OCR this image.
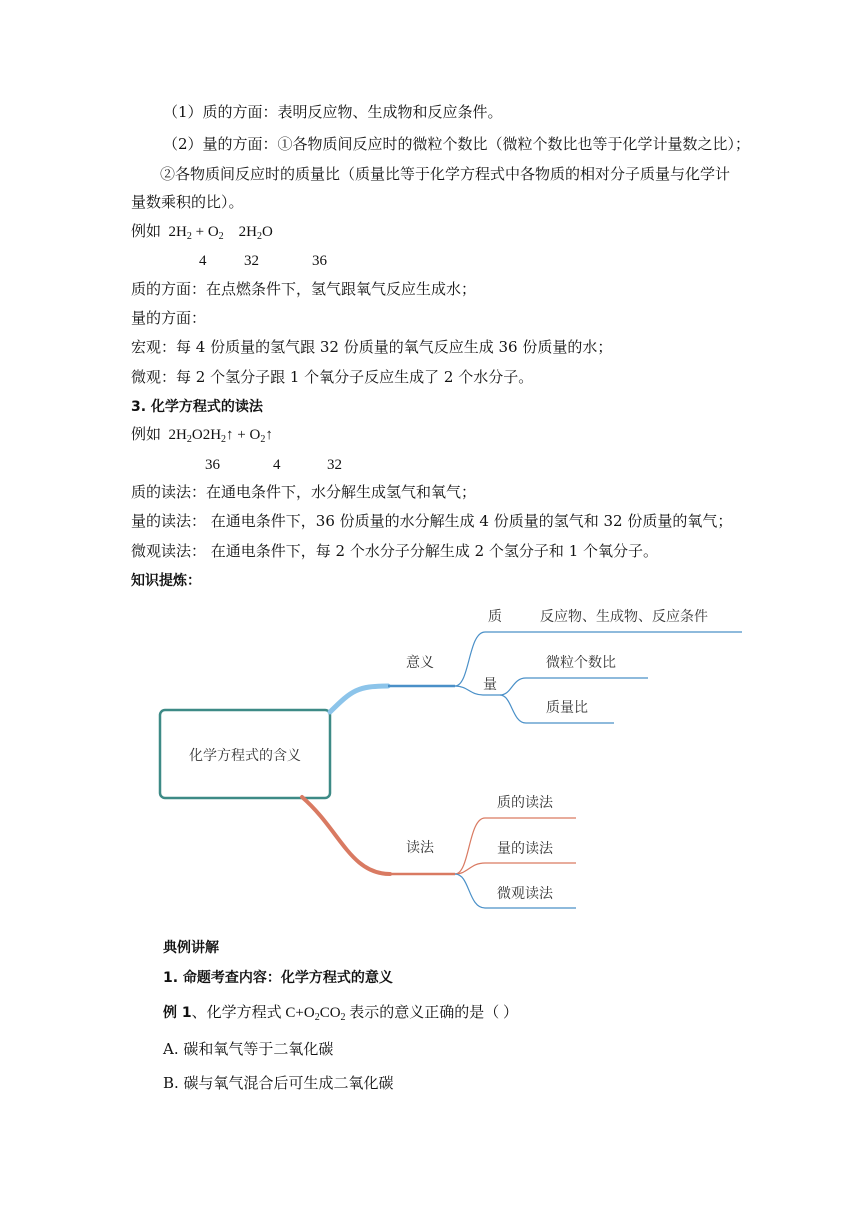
（1）质的方面：表明反应物、生成物和反应条件。
（2）量的方面：①各物质间反应时的微粒个数比（微粒个数比也等于化学计量数之比）；
②各物质间反应时的质量比（质量比等于化学方程式中各物质的相对分子质量与化学计
量数乘积的比）。
例如 $2H_2 + O_2$ $2H_2O$
4	32	36
质的方面：在点燃条件下，氢气跟氧气反应生成水；
量的方面：
宏观：每 4 份质量的氢气跟 32 份质量的氧气反应生成 36 份质量的水；
微观：每 2 个氢分子跟 1 个氧分子反应生成了 2 个水分子。
3. 化学方程式的读法
例如 $2H_2O2H_2↑$ + $O_2↑$
36	4	32
质的读法：在通电条件下，水分解生成氢气和氧气；
量的读法： 在通电条件下，36 份质量的水分解生成 4 份质量的氢气和 32 份质量的氧气；
微观读法： 在通电条件下，每 2 个水分子分解生成 2 个氢分子和 1 个氧分子。
知识提炼：
化学方程式的含义
意义
质	反应物、生成物、反应条件
量
微粒个数比
质量比
读法
质的读法
量的读法
微观读法
典例讲解
1. 命题考查内容：化学方程式的意义
例 1、化学方程式 $C+O_2CO_2$ 表示的意义正确的是（ ）
A. 碳和氧气等于二氧化碳
B. 碳与氧气混合后可生成二氧化碳
